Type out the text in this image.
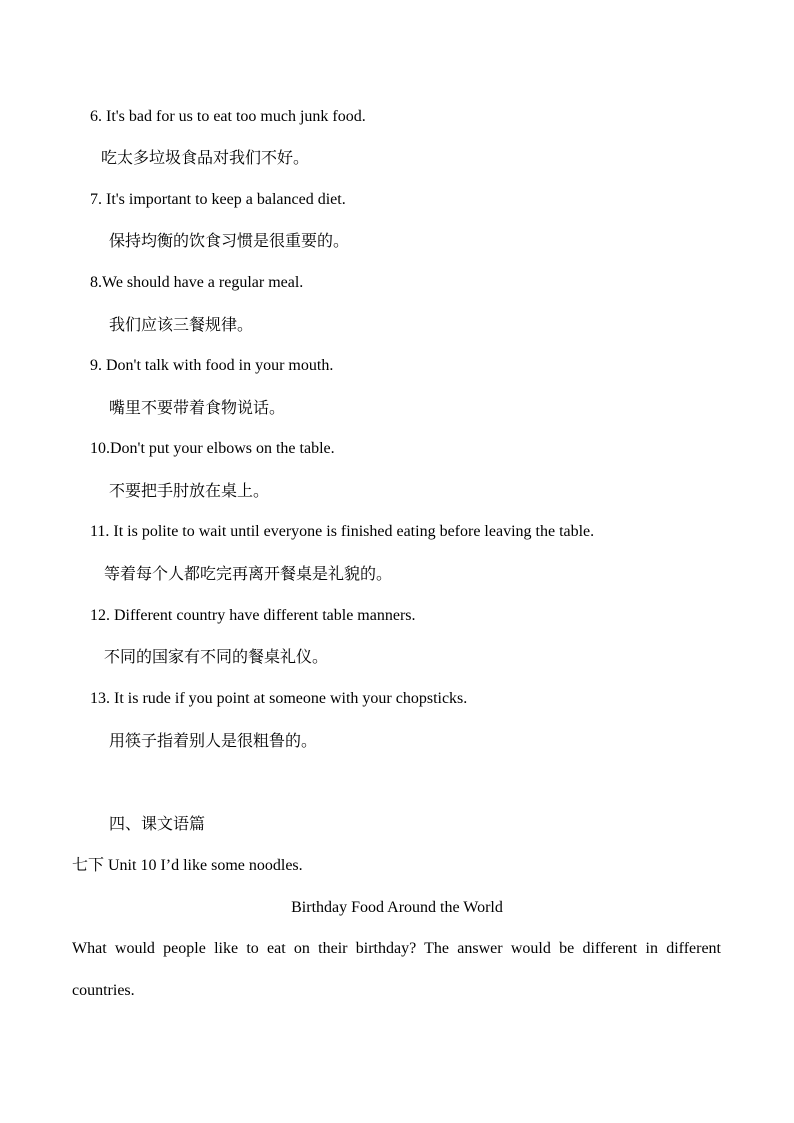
6. It's bad for us to eat too much junk food.
吃太多垃圾食品对我们不好。
7. It's important to keep a balanced diet.
保持均衡的饮食习惯是很重要的。
8.We should have a regular meal.
我们应该三餐规律。
9. Don't talk with food in your mouth.
嘴里不要带着食物说话。
10.Don't put your elbows on the table.
不要把手肘放在桌上。
11. It is polite to wait until everyone is finished eating before leaving the table.
等着每个人都吃完再离开餐桌是礼貌的。
12. Different country have different table manners.
不同的国家有不同的餐桌礼仪。
13. It is rude if you point at someone with your chopsticks.
用筷子指着别人是很粗鲁的。
四、课文语篇
七下 Unit 10 I’d like some noodles.
Birthday Food Around the World
What would people like to eat on their birthday? The answer would be different in different countries.
